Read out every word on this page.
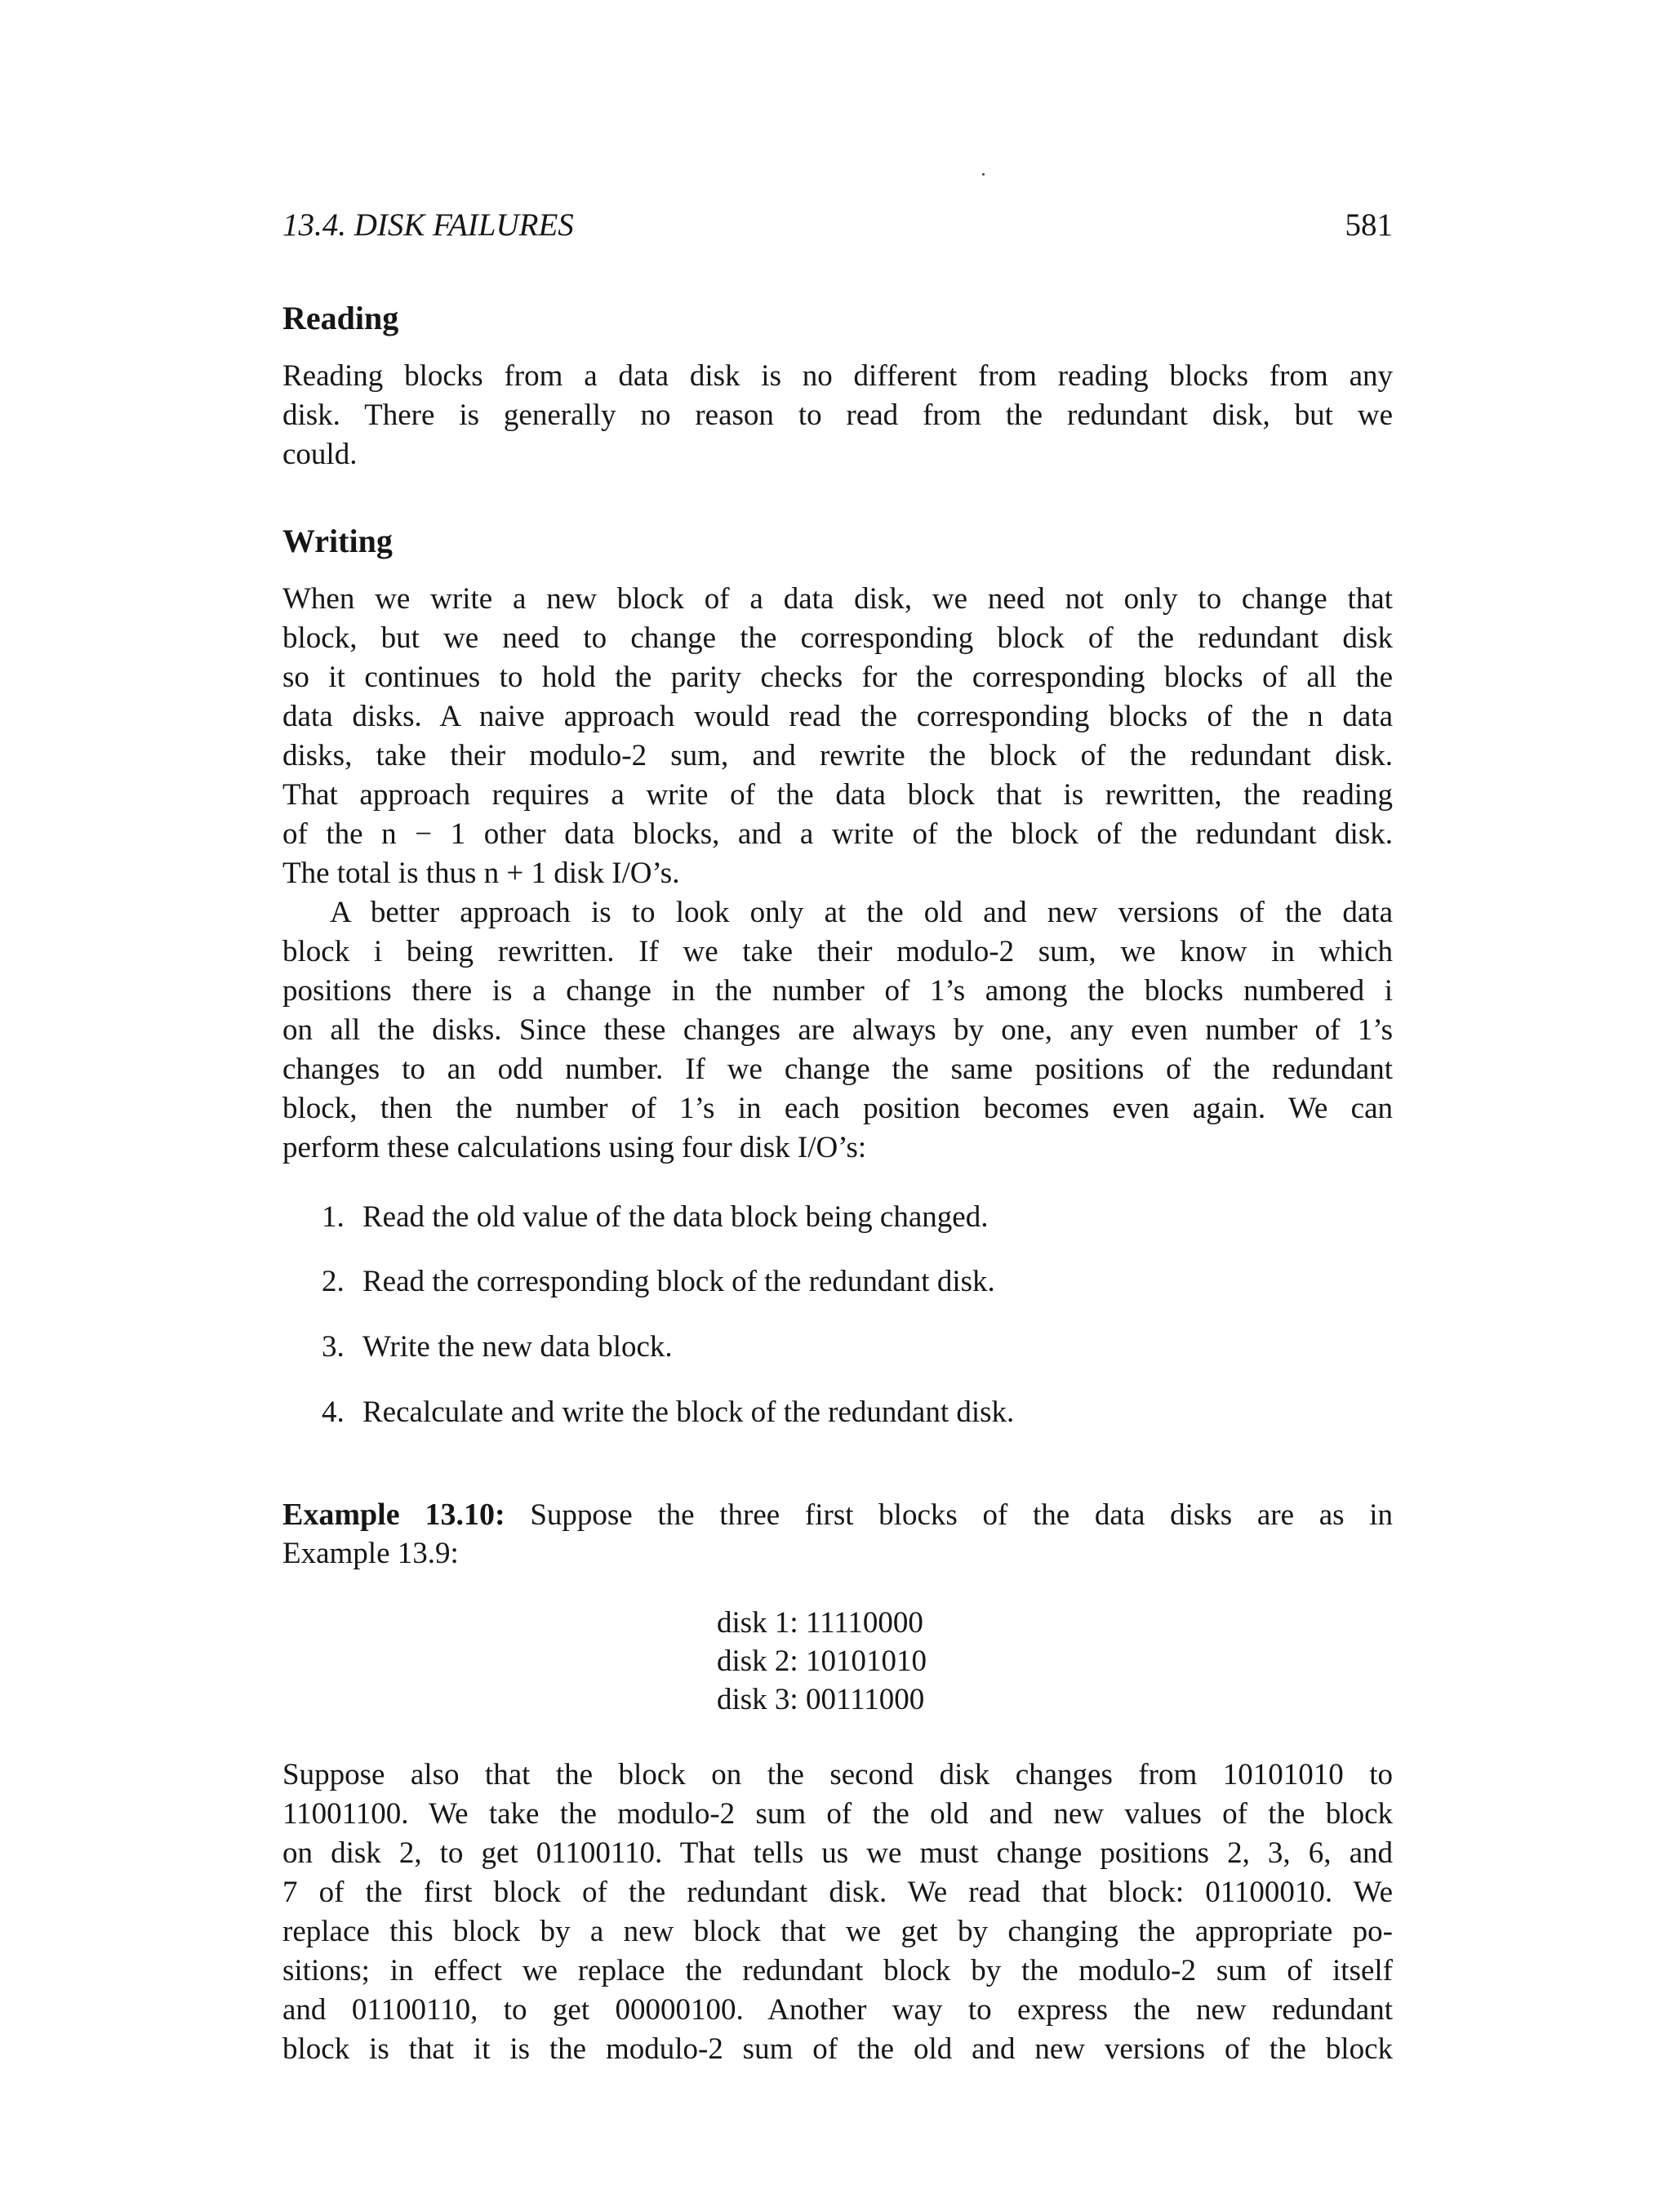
13.4. DISK FAILURES	581
Reading
Reading blocks from a data disk is no different from reading blocks from any
disk. There is generally no reason to read from the redundant disk, but we
could.
Writing
When we write a new block of a data disk, we need not only to change that
block, but we need to change the corresponding block of the redundant disk
so it continues to hold the parity checks for the corresponding blocks of all the
data disks. A naive approach would read the corresponding blocks of the n data
disks, take their modulo-2 sum, and rewrite the block of the redundant disk.
That approach requires a write of the data block that is rewritten, the reading
of the n − 1 other data blocks, and a write of the block of the redundant disk.
The total is thus n + 1 disk I/O’s.
A better approach is to look only at the old and new versions of the data
block i being rewritten. If we take their modulo-2 sum, we know in which
positions there is a change in the number of 1’s among the blocks numbered i
on all the disks. Since these changes are always by one, any even number of 1’s
changes to an odd number. If we change the same positions of the redundant
block, then the number of 1’s in each position becomes even again. We can
perform these calculations using four disk I/O’s:
1. Read the old value of the data block being changed.
2. Read the corresponding block of the redundant disk.
3. Write the new data block.
4. Recalculate and write the block of the redundant disk.
Example 13.10: Suppose the three first blocks of the data disks are as in
Example 13.9:
disk 1: 11110000
disk 2: 10101010
disk 3: 00111000
Suppose also that the block on the second disk changes from 10101010 to
11001100. We take the modulo-2 sum of the old and new values of the block
on disk 2, to get 01100110. That tells us we must change positions 2, 3, 6, and
7 of the first block of the redundant disk. We read that block: 01100010. We
replace this block by a new block that we get by changing the appropriate po-
sitions; in effect we replace the redundant block by the modulo-2 sum of itself
and 01100110, to get 00000100. Another way to express the new redundant
block is that it is the modulo-2 sum of the old and new versions of the block
